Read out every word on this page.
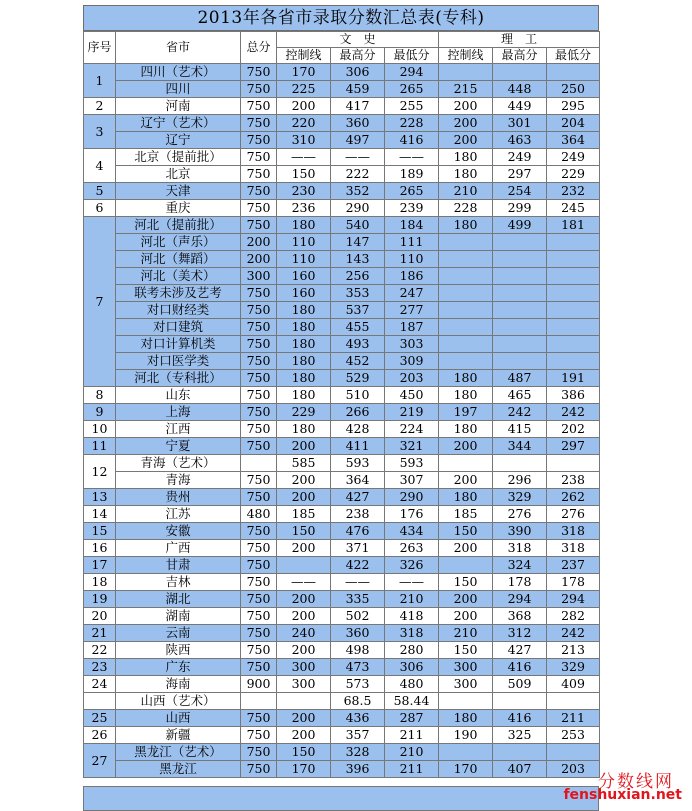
2013年各省市录取分数汇总表(专科)
序号	省市	总分	文　史			理　工		
			控制线	最高分	最低分	控制线	最高分	最低分
1	四川（艺术）	750	170	306	294			
	四川	750	225	459	265	215	448	250
2	河南	750	200	417	255	200	449	295
3	辽宁（艺术）	750	220	360	228	200	301	204
	辽宁	750	310	497	416	200	463	364
4	北京（提前批）	750	——	——	——	180	249	249
	北京	750	150	222	189	180	297	229
5	天津	750	230	352	265	210	254	232
6	重庆	750	236	290	239	228	299	245
7	河北（提前批）	750	180	540	184	180	499	181
	河北（声乐）	200	110	147	111			
	河北（舞蹈）	200	110	143	110			
	河北（美术）	300	160	256	186			
	联考未涉及艺考	750	160	353	247			
	对口财经类	750	180	537	277			
	对口建筑	750	180	455	187			
	对口计算机类	750	180	493	303			
	对口医学类	750	180	452	309			
	河北（专科批）	750	180	529	203	180	487	191
8	山东	750	180	510	450	180	465	386
9	上海	750	229	266	219	197	242	242
10	江西	750	180	428	224	180	415	202
11	宁夏	750	200	411	321	200	344	297
12	青海（艺术）		585	593	593			
	青海	750	200	364	307	200	296	238
13	贵州	750	200	427	290	180	329	262
14	江苏	480	185	238	176	185	276	276
15	安徽	750	150	476	434	150	390	318
16	广西	750	200	371	263	200	318	318
17	甘肃	750		422	326		324	237
18	吉林	750	——	——	——	150	178	178
19	湖北	750	200	335	210	200	294	294
20	湖南	750	200	502	418	200	368	282
21	云南	750	240	360	318	210	312	242
22	陕西	750	200	498	280	150	427	213
23	广东	750	300	473	306	300	416	329
24	海南	900	300	573	480	300	509	409
	山西（艺术）			68.5	58.44			
25	山西	750	200	436	287	180	416	211
26	新疆	750	200	357	211	190	325	253
27	黑龙江（艺术）	750	150	328	210			
	黑龙江	750	170	396	211	170	407	203
分数线网
fenshuxian.net
